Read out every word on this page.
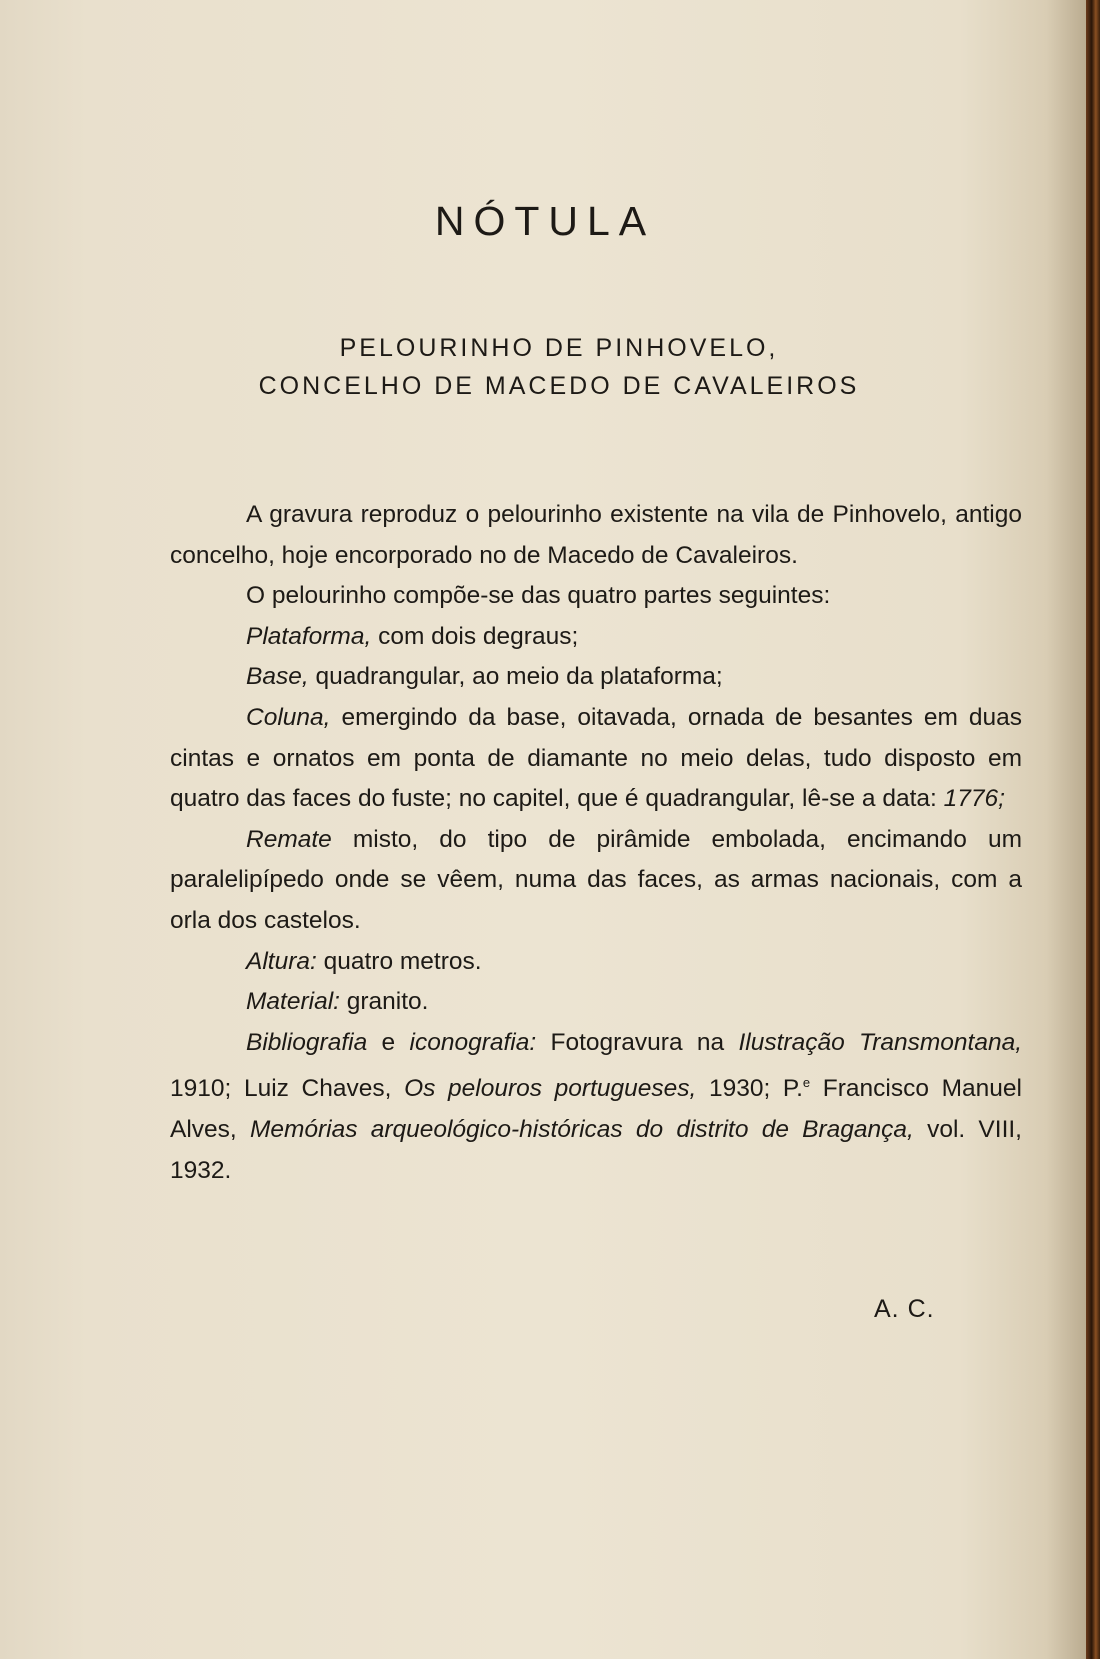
NÓTULA
PELOURINHO DE PINHOVELO,
CONCELHO DE MACEDO DE CAVALEIROS

A gravura reproduz o pelourinho existente na vila de Pinhovelo, antigo concelho, hoje encorporado no de Macedo de Cavaleiros.

O pelourinho compõe-se das quatro partes seguintes:

Plataforma, com dois degraus;

Base, quadrangular, ao meio da plataforma;

Coluna, emergindo da base, oitavada, ornada de besantes em duas cintas e ornatos em ponta de diamante no meio delas, tudo disposto em quatro das faces do fuste; no capitel, que é quadrangular, lê-se a data: 1776;

Remate misto, do tipo de pirâmide embolada, encimando um paralelipípedo onde se vêem, numa das faces, as armas nacionais, com a orla dos castelos.

Altura: quatro metros.

Material: granito.

Bibliografia e iconografia: Fotogravura na Ilustração Transmontana, 1910; Luiz Chaves, Os pelouros portugueses, 1930; P.$^e$ Francisco Manuel Alves, Memórias arqueológico-históricas do distrito de Bragança, vol. VIII, 1932.

A. C.
